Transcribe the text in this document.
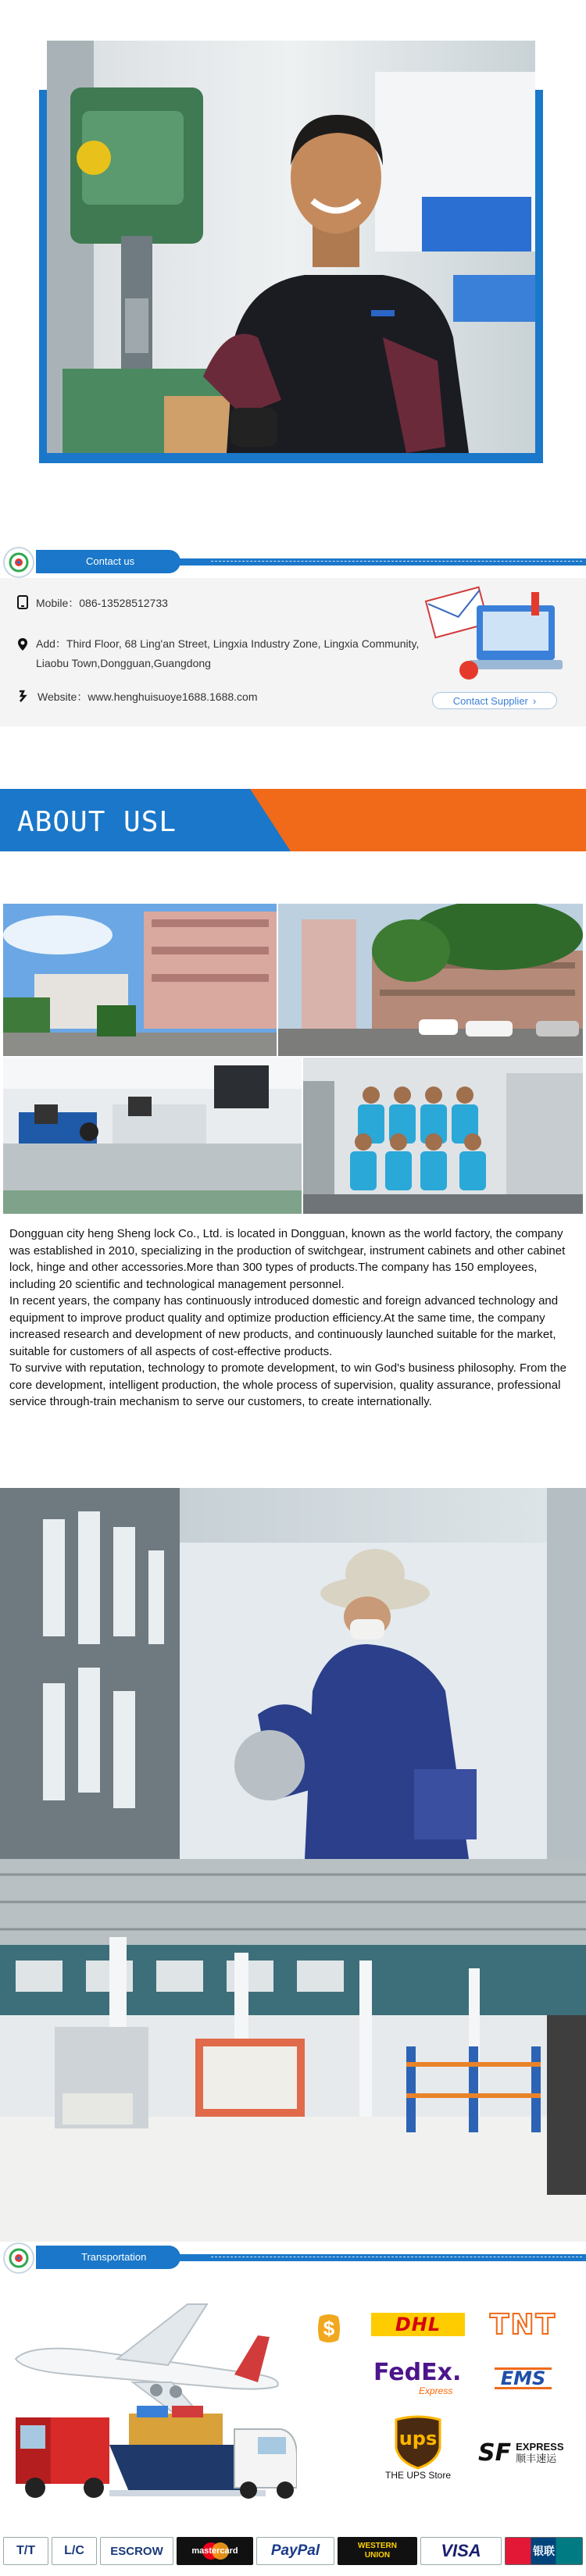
Contact us
Mobile：086-13528512733
Add：Third Floor, 68 Ling'an Street, Lingxia Industry Zone, Lingxia Community, Liaobu Town,Dongguan,Guangdong
Website：www.henghuisuoye1688.1688.com	Contact Supplier ›
ABOUT USL

Dongguan city heng Sheng lock Co., Ltd. is located in Dongguan, known as the world factory, the company was established in 2010, specializing in the production of switchgear, instrument cabinets and other cabinet lock, hinge and other accessories.More than 300 types of products.The company has 150 employees, including 20 scientific and technological management personnel.

In recent years, the company has continuously introduced domestic and foreign advanced technology and equipment to improve product quality and optimize production efficiency.At the same time, the company increased research and development of new products, and continuously launched suitable for the market, suitable for customers of all aspects of cost-effective products.

To survive with reputation, technology to promote development, to win God's business philosophy. From the core development, intelligent production, the whole process of supervision, quality assurance, professional service through-train mechanism to serve our customers, to create internationally.

Transportation
$	DHL TNT
FedEx.
Express
EMS
ups
THE UPS Store
SF EXPRESS
顺丰速运
T/T L/C ESCROW	mastercard PayPal	WESTERN UNION	VISA	银联
